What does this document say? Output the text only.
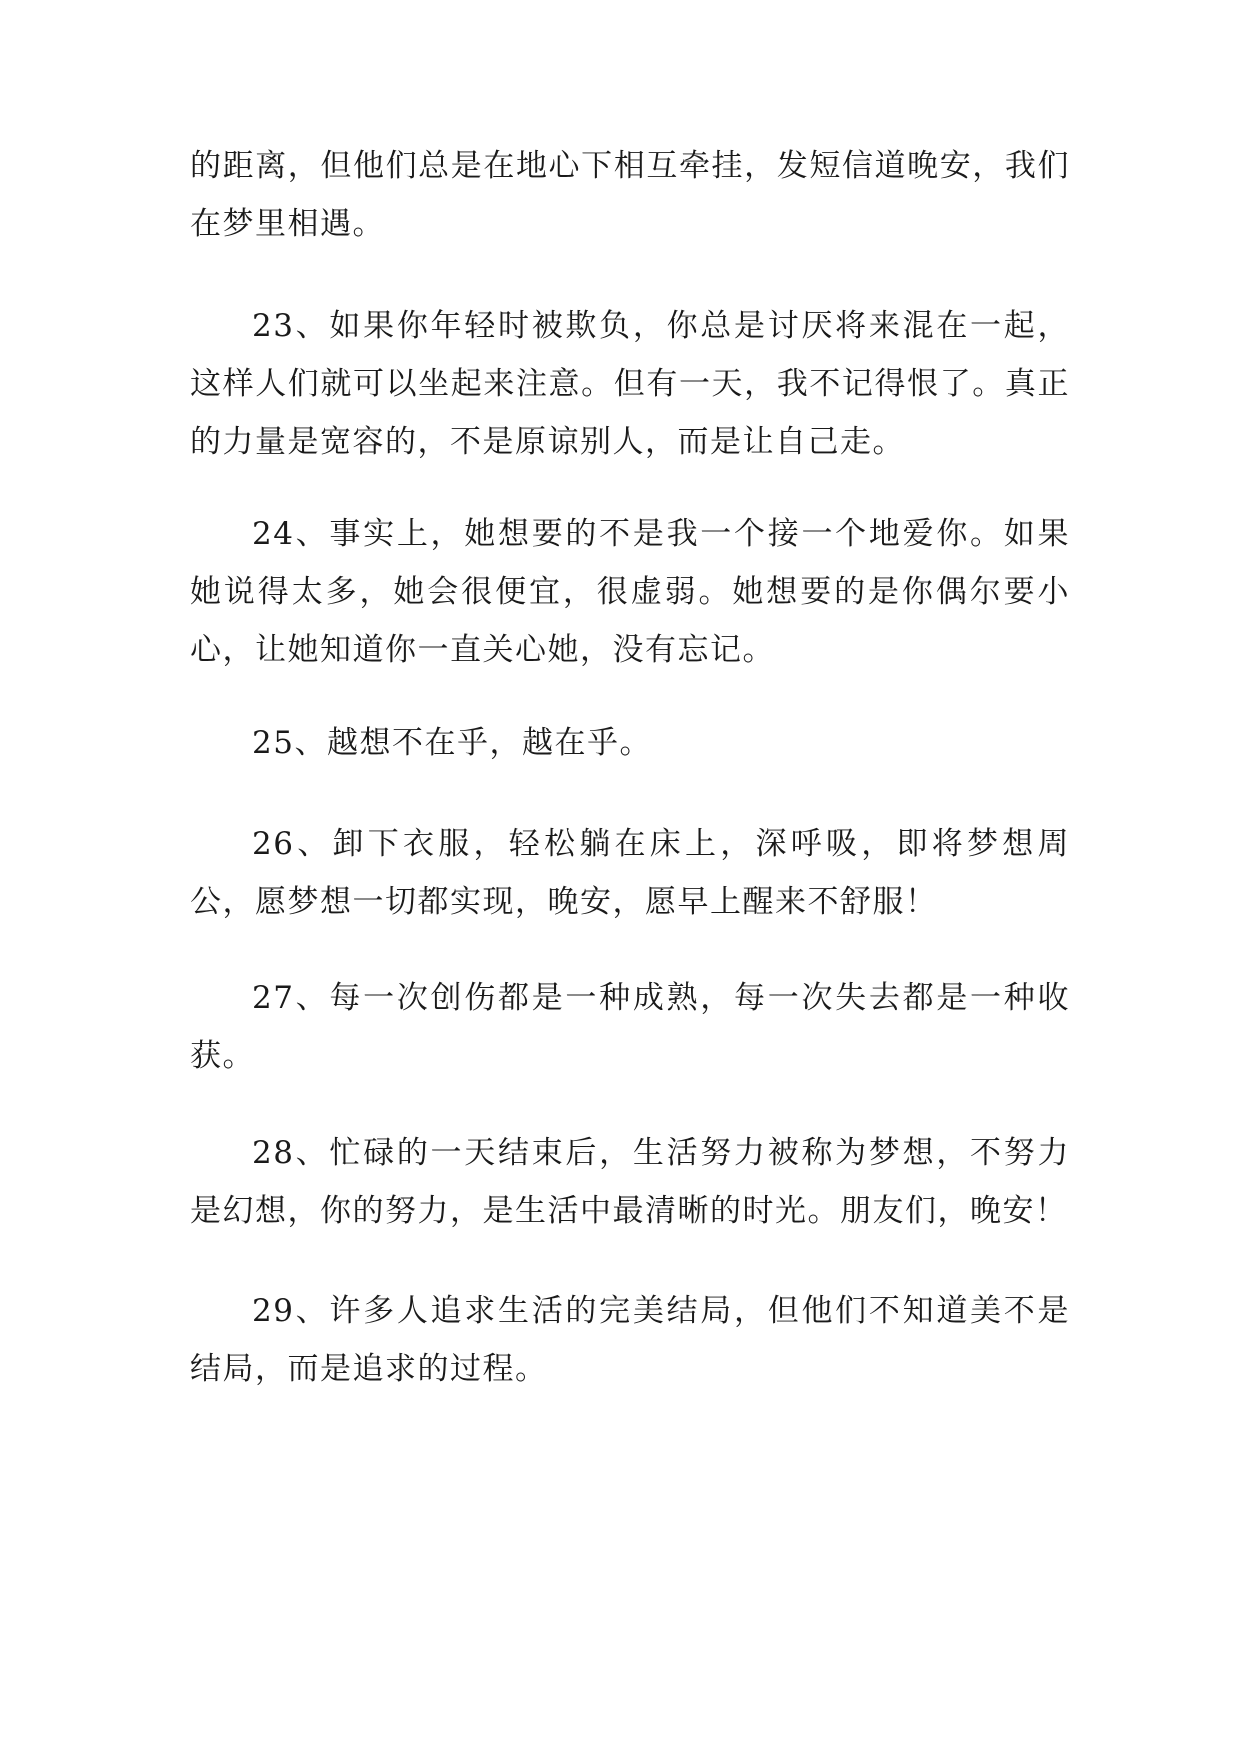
的距离，但他们总是在地心下相互牵挂，发短信道晚安，我们在梦里相遇。

23、如果你年轻时被欺负，你总是讨厌将来混在一起，这样人们就可以坐起来注意。但有一天，我不记得恨了。真正的力量是宽容的，不是原谅别人，而是让自己走。

24、事实上，她想要的不是我一个接一个地爱你。如果她说得太多，她会很便宜，很虚弱。她想要的是你偶尔要小心，让她知道你一直关心她，没有忘记。

25、越想不在乎，越在乎。

26、卸下衣服，轻松躺在床上，深呼吸，即将梦想周公，愿梦想一切都实现，晚安，愿早上醒来不舒服！

27、每一次创伤都是一种成熟，每一次失去都是一种收获。

28、忙碌的一天结束后，生活努力被称为梦想，不努力是幻想，你的努力，是生活中最清晰的时光。朋友们，晚安！

29、许多人追求生活的完美结局，但他们不知道美不是结局，而是追求的过程。
